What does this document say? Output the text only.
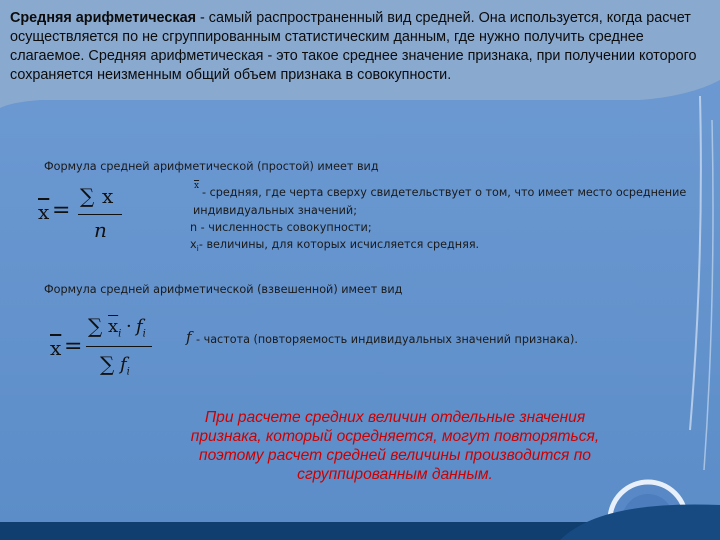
Средняя арифметическая - самый распространенный вид средней. Она используется, когда расчет осуществляется по не сгруппированным статистическим данным, где нужно получить среднее слагаемое. Средняя арифметическая - это такое среднее значение признака, при получении которого сохраняется неизменным общий объем признака в совокупности.
Формула средней арифметической (простой) имеет вид
$\overline{x}$ =
∑ x
n
$\overline{x}$ - средняя, где черта сверху свидетельствует о том, что имеет место осреднение
индивидуальных значений;
n - численность совокупности;
$x_i-$ величины, для которых исчисляется средняя.
Формула средней арифметической (взвешенной) имеет вид
$\overline{x}$ =
∑ $\overline{x}_i \cdot f_i$
∑ $f_i$
f - частота (повторяемость индивидуальных значений признака).
При расчете средних величин отдельные значения признака, который осредняется, могут повторяться, поэтому расчет средней величины производится по сгруппированным данным.
